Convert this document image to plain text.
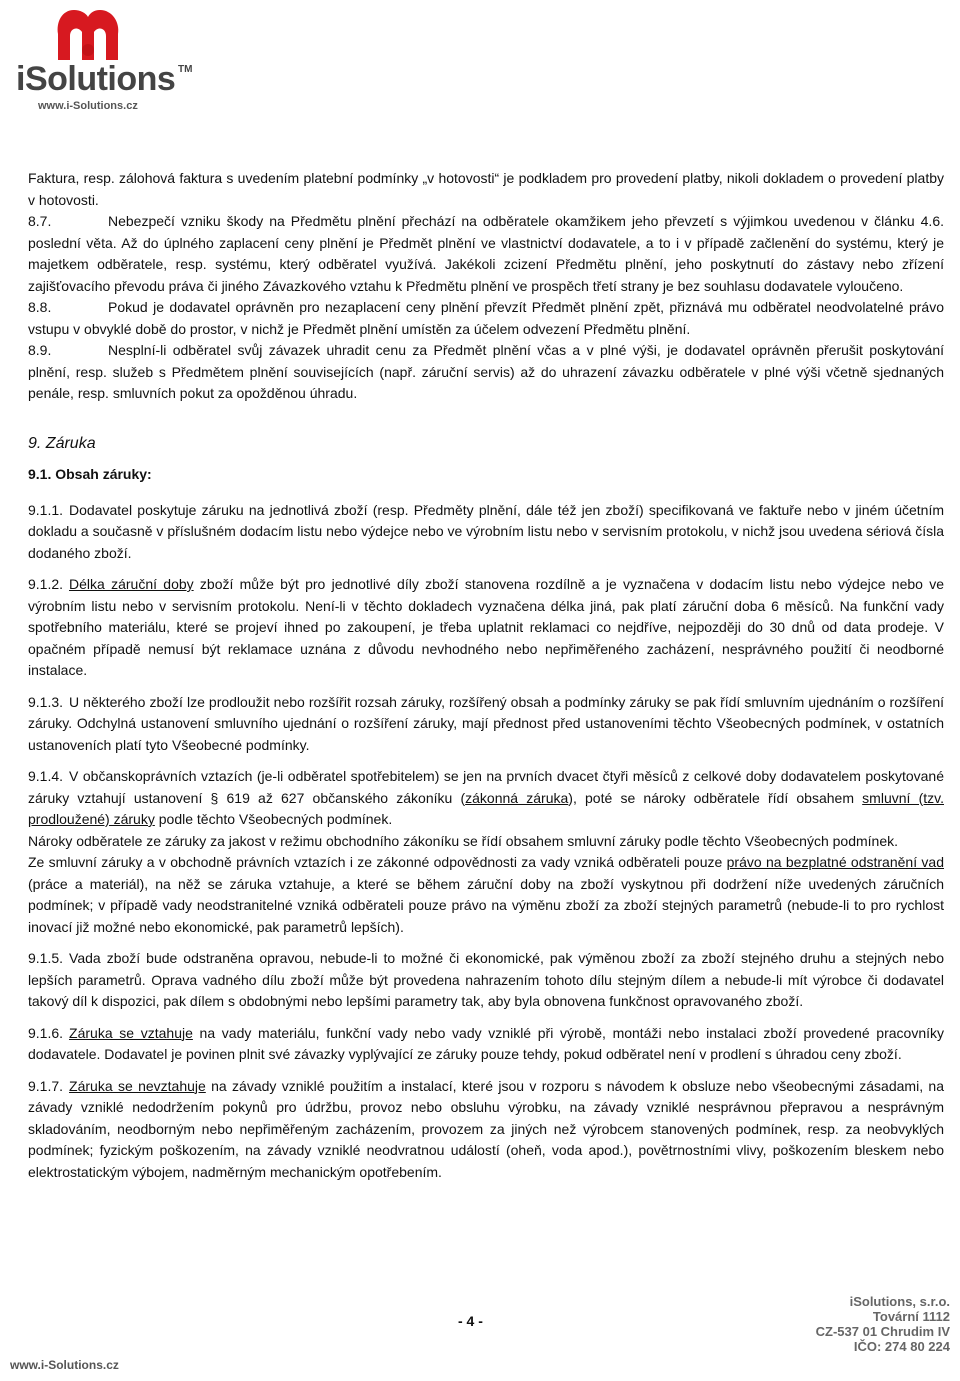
iSolutions TM
www.i-Solutions.cz

Faktura, resp. zálohová faktura s uvedením platební podmínky „v hotovosti“ je podkladem pro provedení platby, nikoli dokladem o provedení platby v hotovosti.

8.7.	Nebezpečí vzniku škody na Předmětu plnění přechází na odběratele okamžikem jeho převzetí s výjimkou uvedenou v článku 4.6. poslední věta. Až do úplného zaplacení ceny plnění je Předmět plnění ve vlastnictví dodavatele, a to i v případě začlenění do systému, který je majetkem odběratele, resp. systému, který odběratel využívá. Jakékoli zcizení Předmětu plnění, jeho poskytnutí do zástavy nebo zřízení zajišťovacího převodu práva či jiného Závazkového vztahu k Předmětu plnění ve prospěch třetí strany je bez souhlasu dodavatele vyloučeno.

8.8.	Pokud je dodavatel oprávněn pro nezaplacení ceny plnění převzít Předmět plnění zpět, přiznává mu odběratel neodvolatelné právo vstupu v obvyklé době do prostor, v nichž je Předmět plnění umístěn za účelem odvezení Předmětu plnění.

8.9.	Nesplní-li odběratel svůj závazek uhradit cenu za Předmět plnění včas a v plné výši, je dodavatel oprávněn přerušit poskytování plnění, resp. služeb s Předmětem plnění souvisejících (např. záruční servis) až do uhrazení závazku odběratele v plné výši včetně sjednaných penále, resp. smluvních pokut za opožděnou úhradu.

9. Záruka
9.1. Obsah záruky:

9.1.1. Dodavatel poskytuje záruku na jednotlivá zboží (resp. Předměty plnění, dále též jen zboží) specifikovaná ve faktuře nebo v jiném účetním dokladu a současně v příslušném dodacím listu nebo výdejce nebo ve výrobním listu nebo v servisním protokolu, v nichž jsou uvedena sériová čísla dodaného zboží.

9.1.2. Délka záruční doby zboží může být pro jednotlivé díly zboží stanovena rozdílně a je vyznačena v dodacím listu nebo výdejce nebo ve výrobním listu nebo v servisním protokolu. Není-li v těchto dokladech vyznačena délka jiná, pak platí záruční doba 6 měsíců. Na funkční vady spotřebního materiálu, které se projeví ihned po zakoupení, je třeba uplatnit reklamaci co nejdříve, nejpozději do 30 dnů od data prodeje. V opačném případě nemusí být reklamace uznána z důvodu nevhodného nebo nepřiměřeného zacházení, nesprávného použití či neodborné instalace.

9.1.3. U některého zboží lze prodloužit nebo rozšířit rozsah záruky, rozšířený obsah a podmínky záruky se pak řídí smluvním ujednáním o rozšíření záruky. Odchylná ustanovení smluvního ujednání o rozšíření záruky, mají přednost před ustanoveními těchto Všeobecných podmínek, v ostatních ustanoveních platí tyto Všeobecné podmínky.

9.1.4. V občanskoprávních vztazích (je-li odběratel spotřebitelem) se jen na prvních dvacet čtyři měsíců z celkové doby dodavatelem poskytované záruky vztahují ustanovení § 619 až 627 občanského zákoníku (zákonná záruka), poté se nároky odběratele řídí obsahem smluvní (tzv. prodloužené) záruky podle těchto Všeobecných podmínek.

Nároky odběratele ze záruky za jakost v režimu obchodního zákoníku se řídí obsahem smluvní záruky podle těchto Všeobecných podmínek.

Ze smluvní záruky a v obchodně právních vztazích i ze zákonné odpovědnosti za vady vzniká odběrateli pouze právo na bezplatné odstranění vad (práce a materiál), na něž se záruka vztahuje, a které se během záruční doby na zboží vyskytnou při dodržení níže uvedených záručních podmínek; v případě vady neodstranitelné vzniká odběrateli pouze právo na výměnu zboží za zboží stejných parametrů (nebude-li to pro rychlost inovací již možné nebo ekonomické, pak parametrů lepších).

9.1.5. Vada zboží bude odstraněna opravou, nebude-li to možné či ekonomické, pak výměnou zboží za zboží stejného druhu a stejných nebo lepších parametrů. Oprava vadného dílu zboží může být provedena nahrazením tohoto dílu stejným dílem a nebude-li mít výrobce či dodavatel takový díl k dispozici, pak dílem s obdobnými nebo lepšími parametry tak, aby byla obnovena funkčnost opravovaného zboží.

9.1.6. Záruka se vztahuje na vady materiálu, funkční vady nebo vady vzniklé při výrobě, montáži nebo instalaci zboží provedené pracovníky dodavatele. Dodavatel je povinen plnit své závazky vyplývající ze záruky pouze tehdy, pokud odběratel není v prodlení s úhradou ceny zboží.

9.1.7. Záruka se nevztahuje na závady vzniklé použitím a instalací, které jsou v rozporu s návodem k obsluze nebo všeobecnými zásadami, na závady vzniklé nedodržením pokynů pro údržbu, provoz nebo obsluhu výrobku, na závady vzniklé nesprávnou přepravou a nesprávným skladováním, neodborným nebo nepřiměřeným zacházením, provozem za jiných než výrobcem stanovených podmínek, resp. za neobvyklých podmínek; fyzickým poškozením, na závady vzniklé neodvratnou událostí (oheň, voda apod.), povětrnostními vlivy, poškozením bleskem nebo elektrostatickým výbojem, nadměrným mechanickým opotřebením.

- 4 -
www.i-Solutions.cz
iSolutions, s.r.o.
Tovární 1112
CZ-537 01 Chrudim IV
IČO: 274 80 224
